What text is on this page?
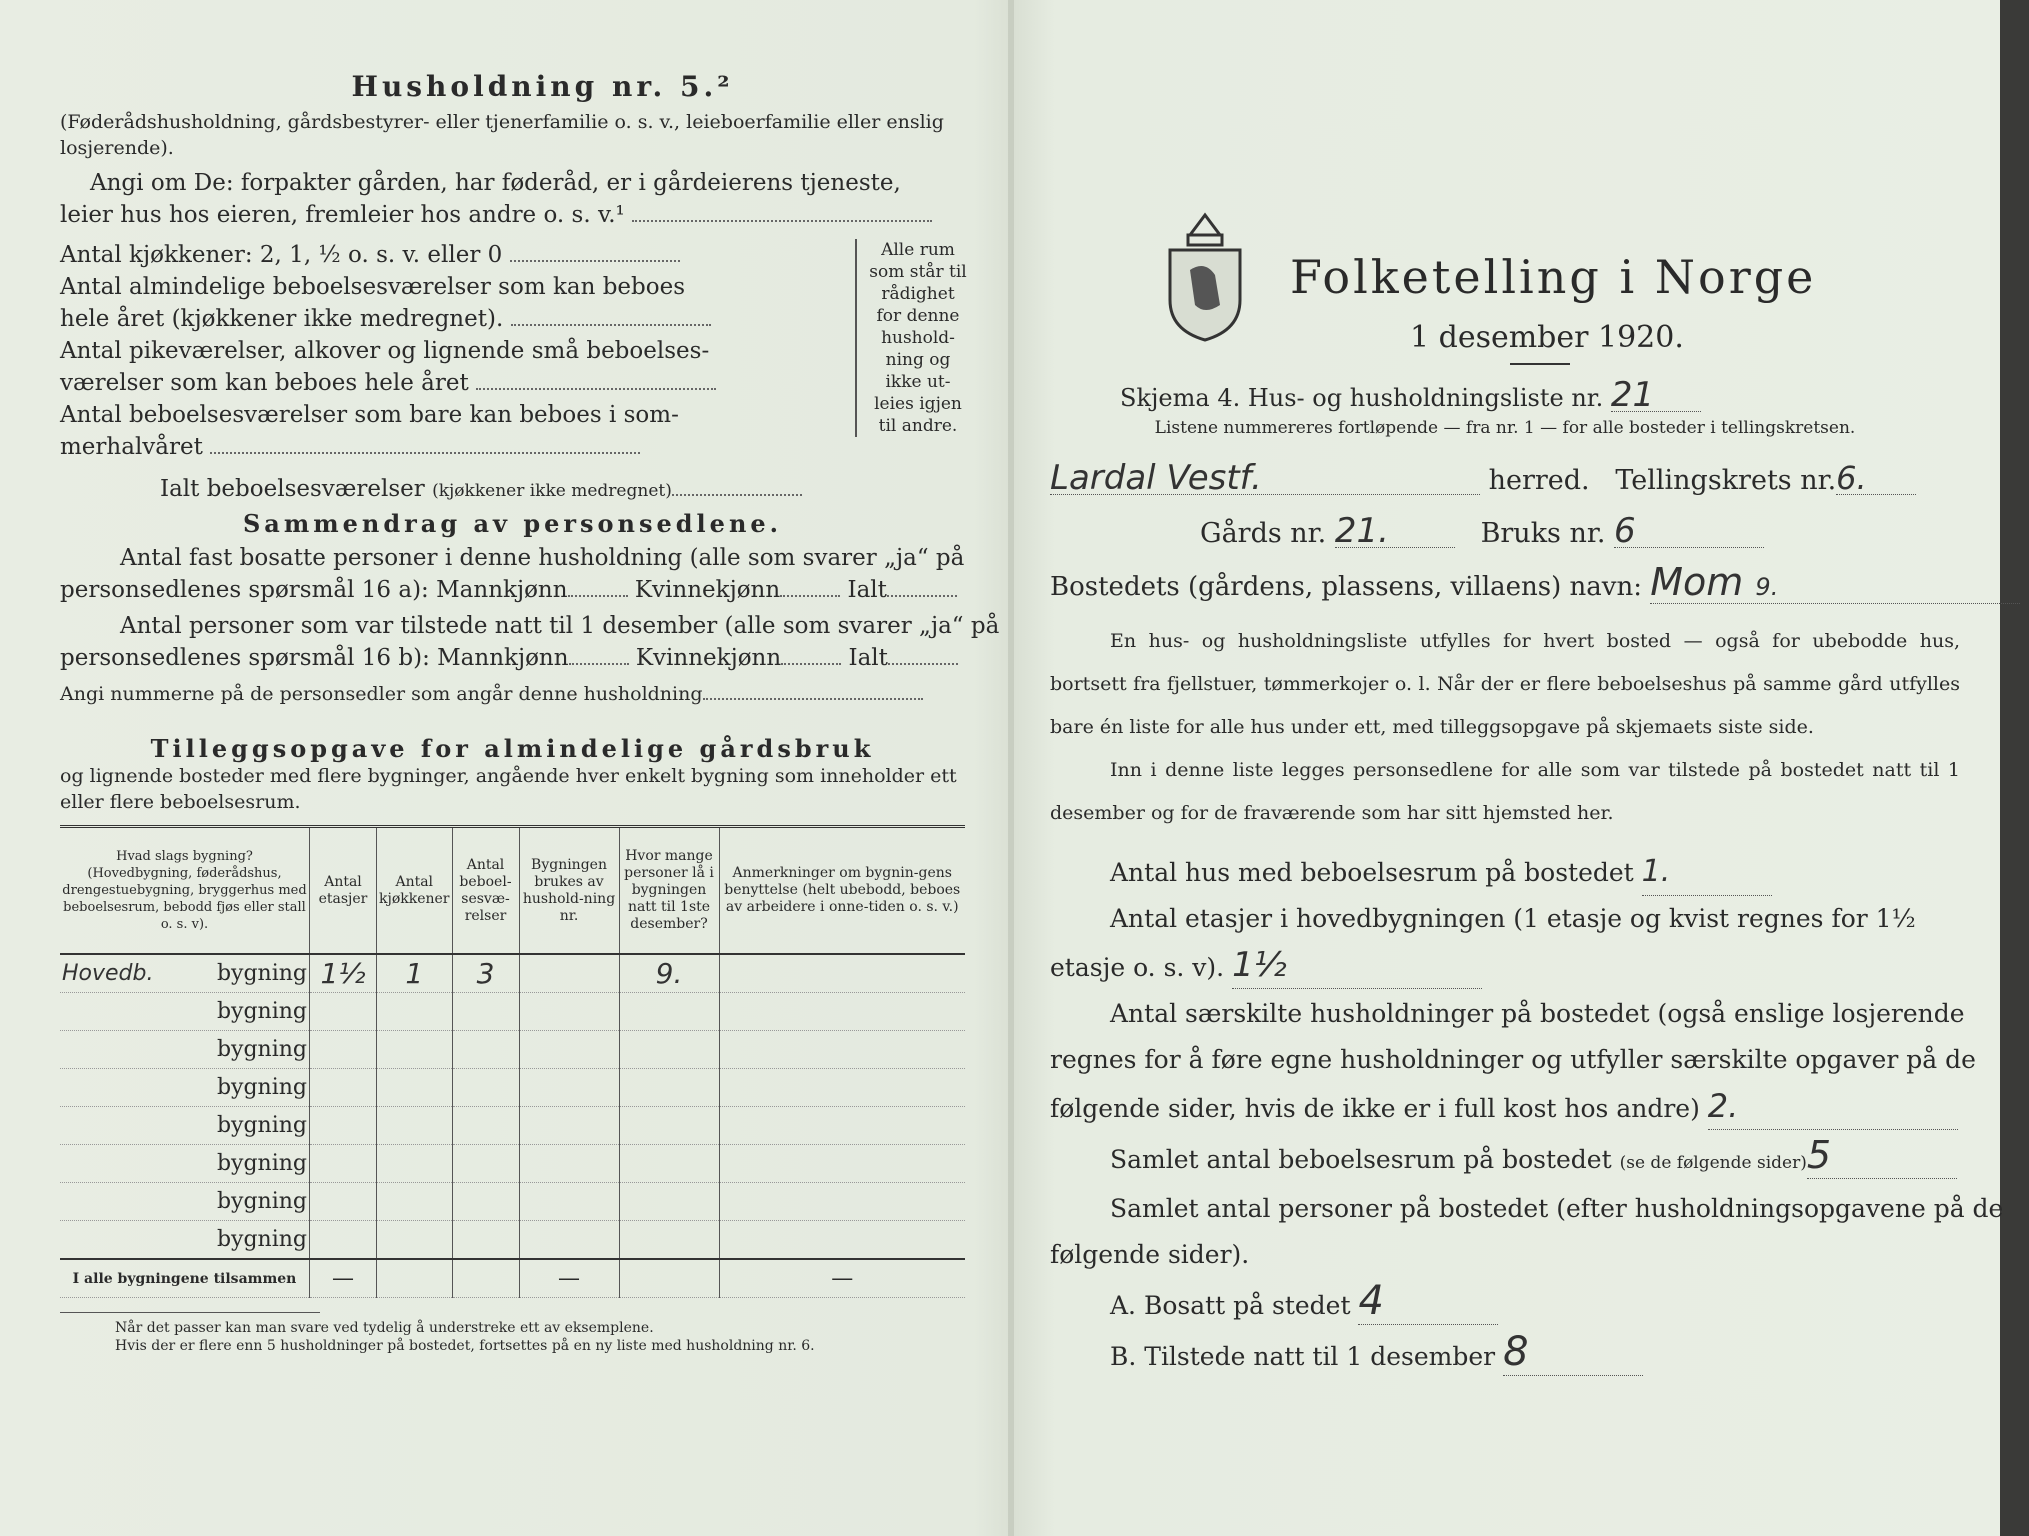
Husholdning nr. 5.²
(Føderådshusholdning, gårdsbestyrer- eller tjenerfamilie o. s. v., leieboerfamilie eller enslig losjerende).
Angi om De: forpakter gården, har føderåd, er i gårdeierens tjeneste,
leier hus hos eieren, fremleier hos andre o. s. v.¹
Antal kjøkkener: 2, 1, ½ o. s. v. eller 0
Antal almindelige beboelsesværelser som kan beboes
hele året (kjøkkener ikke medregnet).
Antal pikeværelser, alkover og lignende små beboelses-
værelser som kan beboes hele året
Antal beboelsesværelser som bare kan beboes i som-
merhalvåret
Ialt beboelsesværelser (kjøkkener ikke medregnet)
Alle rum
som står til
rådighet
for denne
hushold-
ning og
ikke ut-
leies igjen
til andre.
Sammendrag av personsedlene.
Antal fast bosatte personer i denne husholdning (alle som svarer „ja“ på
personsedlenes spørsmål 16 a): Mannkjønn	Kvinnekjønn	Ialt
Antal personer som var tilstede natt til 1 desember (alle som svarer „ja“ på
personsedlenes spørsmål 16 b): Mannkjønn	Kvinnekjønn	Ialt
Angi nummerne på de personsedler som angår denne husholdning
Tilleggsopgave for almindelige gårdsbruk
og lignende bosteder med flere bygninger, angående hver enkelt bygning som inneholder ett eller flere beboelsesrum.
Hvad slags bygning? (Hovedbygning, føderådshus, drengestuebygning, bryggerhus med beboelsesrum, bebodd fjøs eller stall o. s. v).	Antal etasjer	Antal kjøkkener	Antal beboel-sesvæ-relser	Bygningen brukes av hushold-ning nr.	Hvor mange personer lå i bygningen natt til 1ste desember?	Anmerkninger om bygnin-gens benyttelse (helt ubebodd, beboes av arbeidere i onne-tiden o. s. v.)

Hovedb. bygning	1½	1	3		9.	
bygning						
bygning						
bygning						
bygning						
bygning						
bygning						
bygning						
I alle bygningene tilsammen	—			—		—
Når det passer kan man svare ved tydelig å understreke ett av eksemplene.
Hvis der er flere enn 5 husholdninger på bostedet, fortsettes på en ny liste med husholdning nr. 6.
Folketelling i Norge
1 desember 1920.
Skjema 4. Hus- og husholdningsliste nr. 21
Listene nummereres fortløpende — fra nr. 1 — for alle bosteder i tellingskretsen.
Lardal Vestf.	herred. Tellingskrets nr.6.
Gårds nr. 21.	Bruks nr. 6
Bostedets (gårdens, plassens, villaens) navn: Mom 9.
En hus- og husholdningsliste utfylles for hvert bosted — også for ubebodde hus, bortsett fra fjellstuer, tømmerkojer o. l. Når der er flere beboelseshus på samme gård utfylles bare én liste for alle hus under ett, med tilleggsopgave på skjemaets siste side.
Inn i denne liste legges personsedlene for alle som var tilstede på bostedet natt til 1 desember og for de fraværende som har sitt hjemsted her.
Antal hus med beboelsesrum på bostedet 1.
Antal etasjer i hovedbygningen (1 etasje og kvist regnes for 1½
etasje o. s. v). 1½
Antal særskilte husholdninger på bostedet (også enslige losjerende
regnes for å føre egne husholdninger og utfyller særskilte opgaver på de
følgende sider, hvis de ikke er i full kost hos andre) 2.
Samlet antal beboelsesrum på bostedet (se de følgende sider)5
Samlet antal personer på bostedet (efter husholdningsopgavene på de
følgende sider).
A. Bosatt på stedet 4
B. Tilstede natt til 1 desember 8
